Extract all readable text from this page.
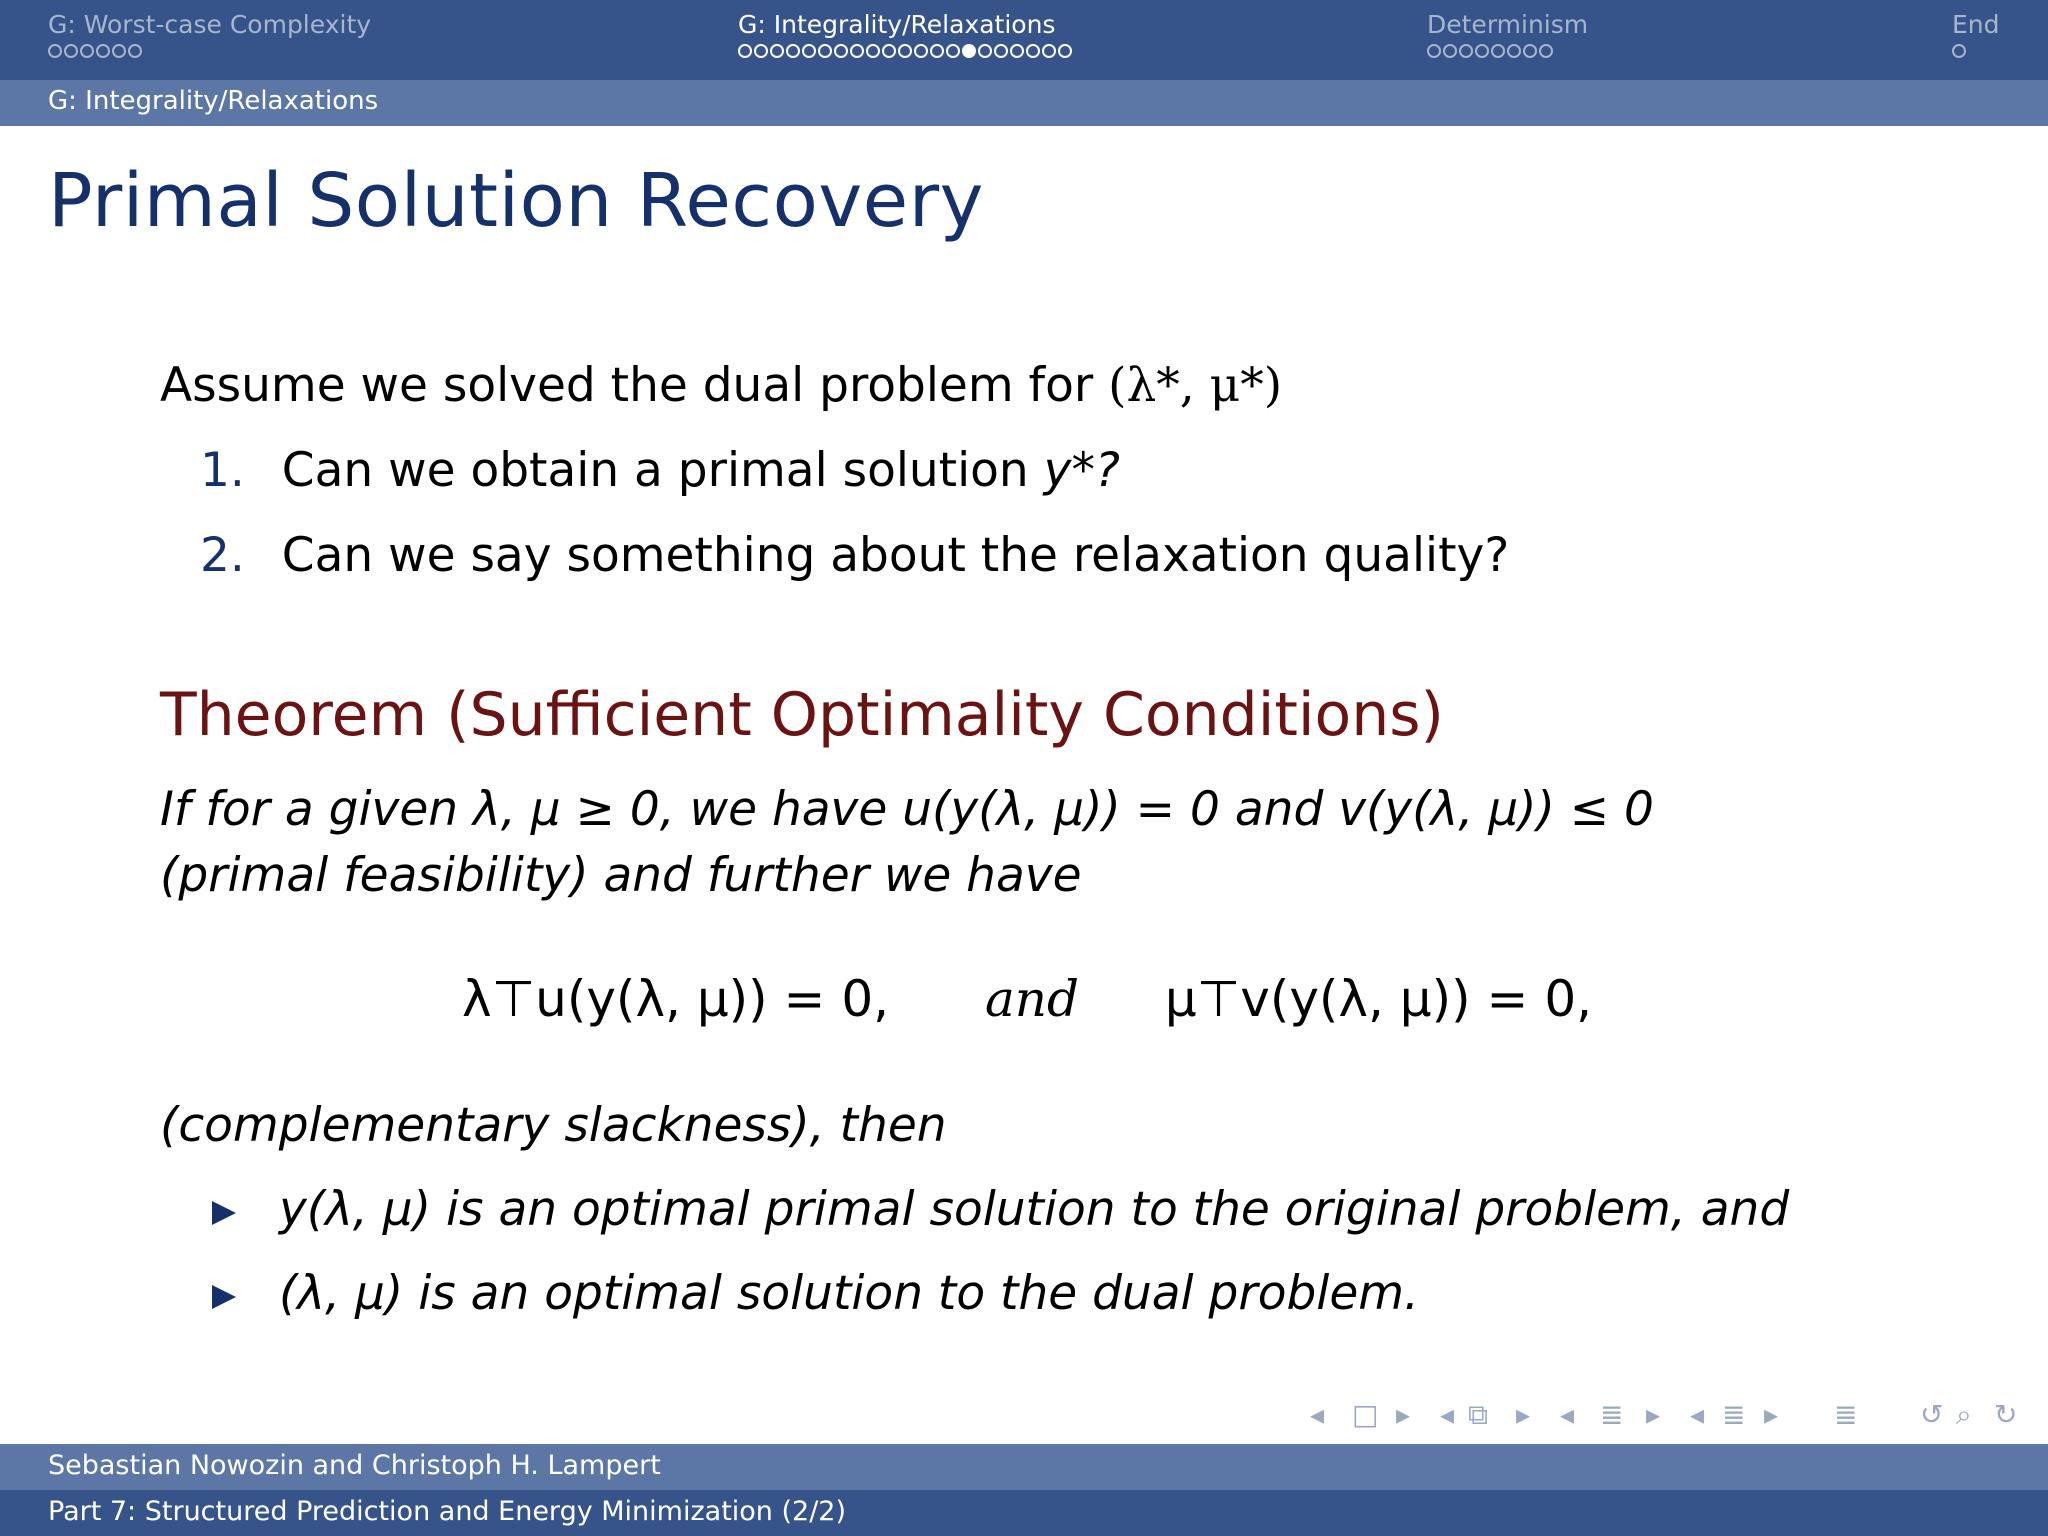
G: Worst-case Complexity	G: Integrality/Relaxations	Determinism	End
G: Integrality/Relaxations
Primal Solution Recovery
Assume we solved the dual problem for (λ*, μ*)
1. Can we obtain a primal solution y*?
2. Can we say something about the relaxation quality?
Theorem (Sufficient Optimality Conditions)
If for a given λ, μ ≥ 0, we have u(y(λ, μ)) = 0 and v(y(λ, μ)) ≤ 0
(primal feasibility) and further we have
λ⊤u(y(λ, μ)) = 0, and μ⊤v(y(λ, μ)) = 0,
(complementary slackness), then
y(λ, μ) is an optimal primal solution to the original problem, and
(λ, μ) is an optimal solution to the dual problem.
◂ □ ▸ ◂ ⧉ ▸ ◂ ≣ ▸ ◂ ≣ ▸ ≣ ↺ ⌕ ↻
Sebastian Nowozin and Christoph H. Lampert
Part 7: Structured Prediction and Energy Minimization (2/2)
